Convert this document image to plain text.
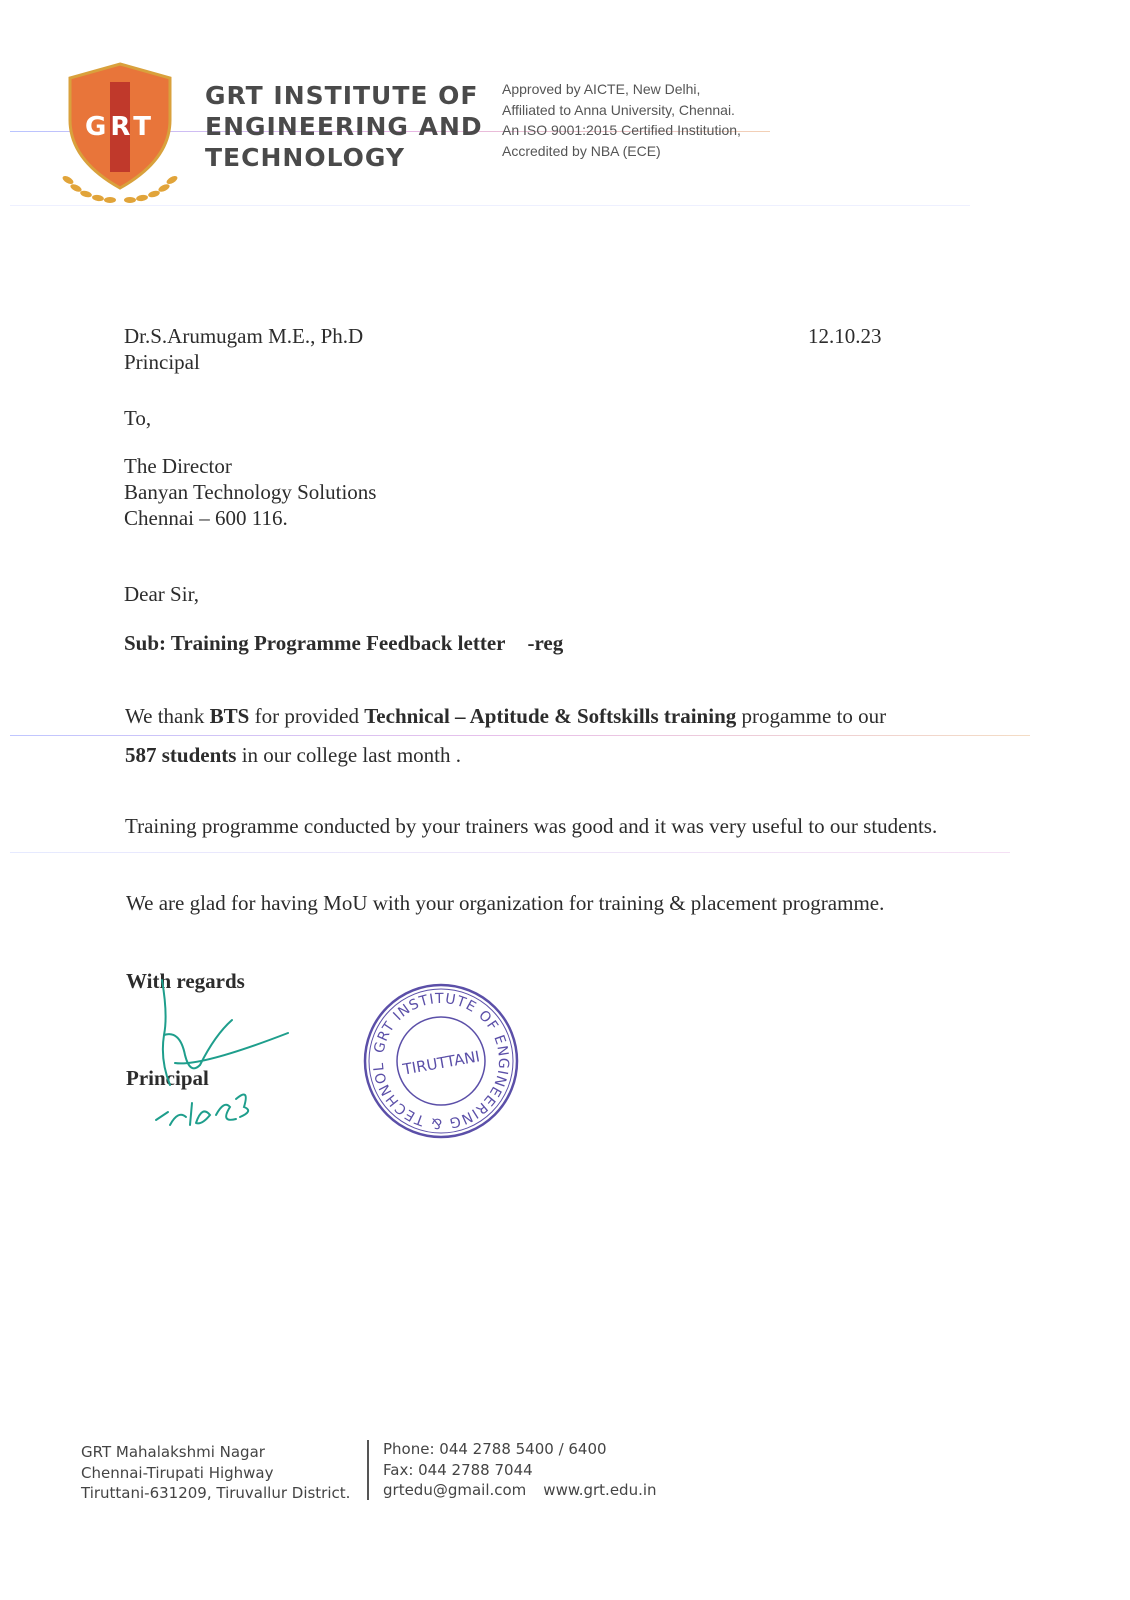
GRT
GRT INSTITUTE OF
ENGINEERING AND
TECHNOLOGY
Approved by AICTE, New Delhi,
Affiliated to Anna University, Chennai.
An ISO 9001:2015 Certified Institution,
Accredited by NBA (ECE)
Dr.S.Arumugam M.E., Ph.D
Principal
12.10.23
To,
The Director
Banyan Technology Solutions
Chennai – 600 116.
Dear Sir,
Sub: Training Programme Feedback letter -reg
We thank BTS for provided Technical – Aptitude & Softskills training progamme to our
587 students in our college last month .
Training programme conducted by your trainers was good and it was very useful to our students.
We are glad for having MoU with your organization for training & placement programme.
With regards
Principal
GRT INSTITUTE OF ENGINEERING & TECHNOL TIRUTTANI
GRT Mahalakshmi Nagar
Chennai-Tirupati Highway
Tiruttani-631209, Tiruvallur District.
Phone: 044 2788 5400 / 6400
Fax: 044 2788 7044
grtedu@gmail.com www.grt.edu.in
